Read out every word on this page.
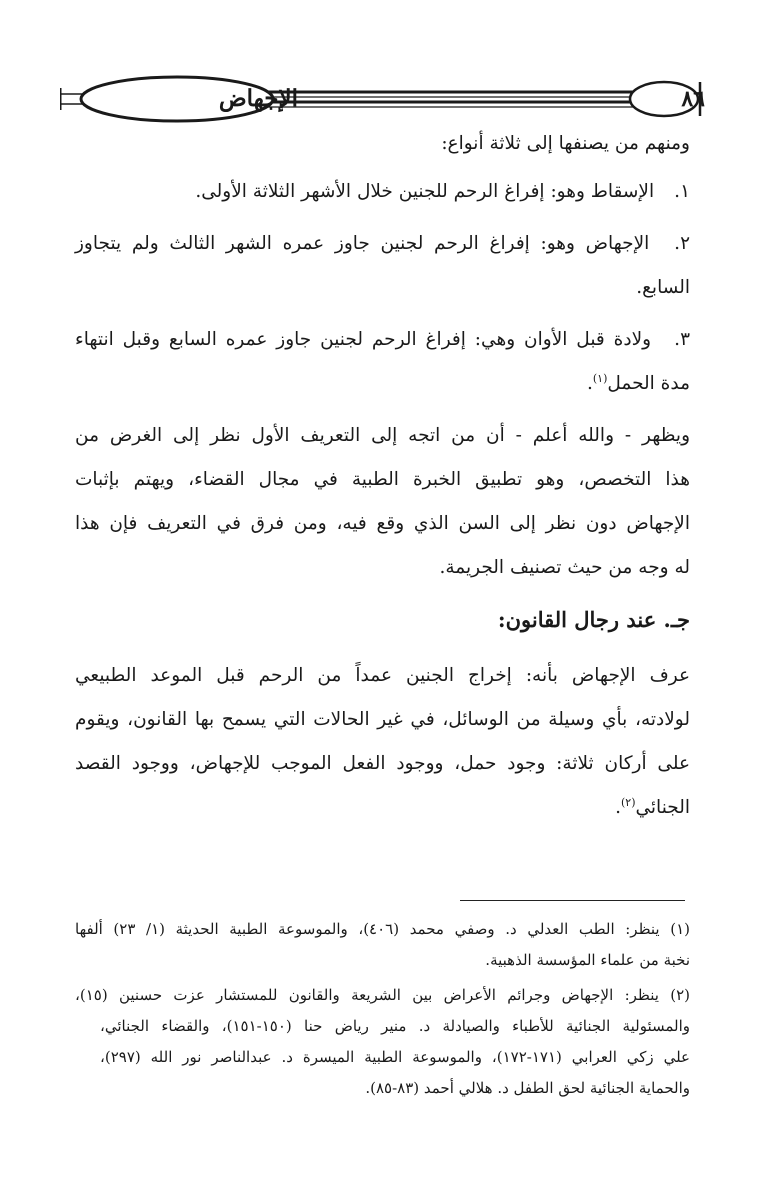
الإجهاض	٨٦
ومنهم من يصنفها إلى ثلاثة أنواع:
١. الإسقاط وهو: إفراغ الرحم للجنين خلال الأشهر الثلاثة الأولى.
٢. الإجهاض وهو: إفراغ الرحم لجنين جاوز عمره الشهر الثالث ولم يتجاوز
السابع.
٣. ولادة قبل الأوان وهي: إفراغ الرحم لجنين جاوز عمره السابع وقبل انتهاء
مدة الحمل$^{(١)}$.
ويظهر - والله أعلم - أن من اتجه إلى التعريف الأول نظر إلى الغرض من
هذا التخصص، وهو تطبيق الخبرة الطبية في مجال القضاء، ويهتم بإثبات
الإجهاض دون نظر إلى السن الذي وقع فيه، ومن فرق في التعريف فإن هذا
له وجه من حيث تصنيف الجريمة.
جـ. عند رجال القانون:
عرف الإجهاض بأنه: إخراج الجنين عمداً من الرحم قبل الموعد الطبيعي
لولادته، بأي وسيلة من الوسائل، في غير الحالات التي يسمح بها القانون، ويقوم
على أركان ثلاثة: وجود حمل، ووجود الفعل الموجب للإجهاض، ووجود القصد
الجنائي$^{(٢)}$.
(١) ينظر: الطب العدلي د. وصفي محمد (٤٠٦)، والموسوعة الطبية الحديثة (١/ ٢٣) ألفها
نخبة من علماء المؤسسة الذهبية.
(٢) ينظر: الإجهاض وجرائم الأعراض بين الشريعة والقانون للمستشار عزت حسنين (١٥)،
والمسئولية الجنائية للأطباء والصيادلة د. منير رياض حنا (١٥٠-١٥١)، والقضاء الجنائي،
علي زكي العرابي (١٧١-١٧٢)، والموسوعة الطبية الميسرة د. عبدالناصر نور الله (٢٩٧)،
والحماية الجنائية لحق الطفل د. هلالي أحمد (٨٣-٨٥).
